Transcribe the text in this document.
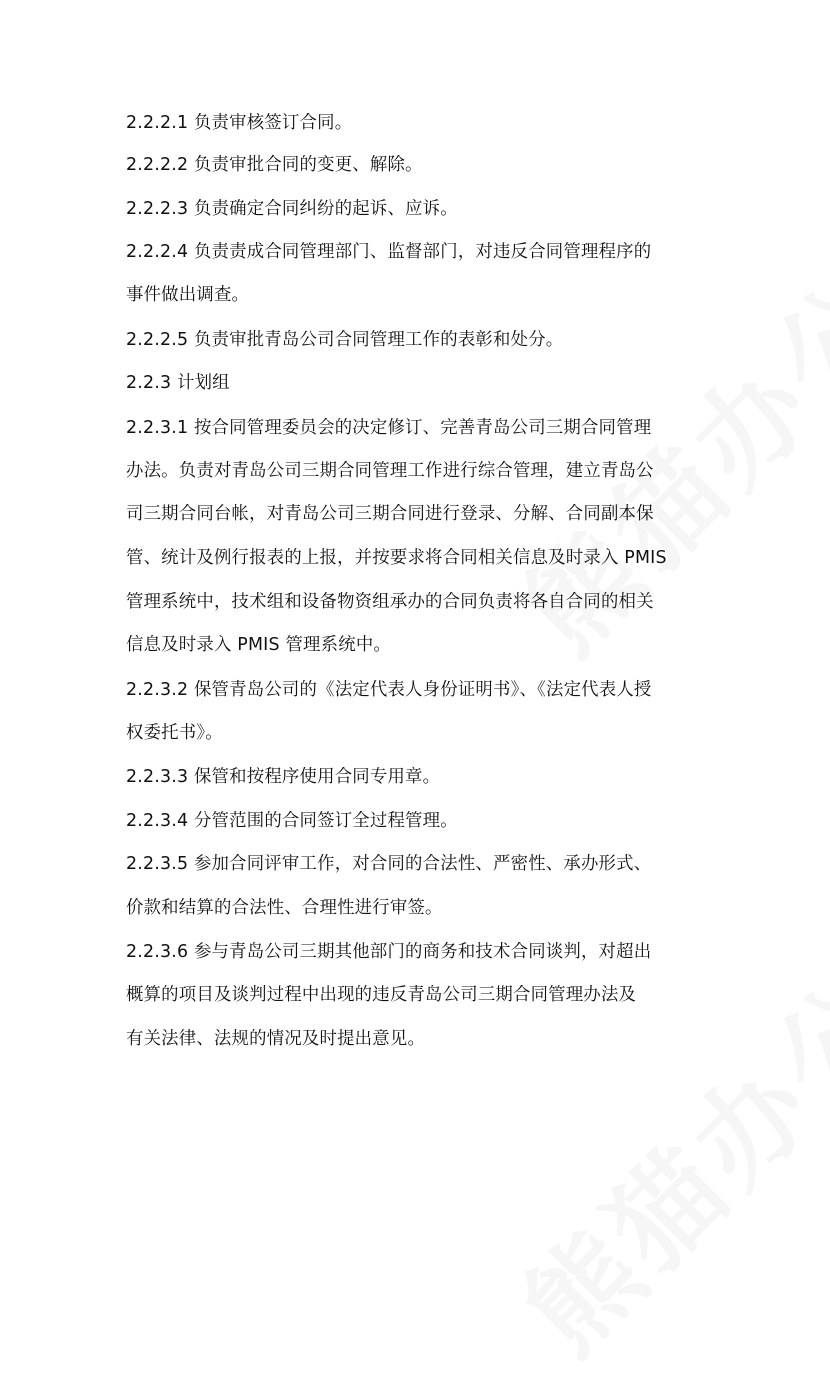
2.2.2.1 负责审核签订合同。
2.2.2.2 负责审批合同的变更、解除。
2.2.2.3 负责确定合同纠纷的起诉、应诉。
2.2.2.4 负责责成合同管理部门、监督部门，对违反合同管理程序的
事件做出调查。
2.2.2.5 负责审批青岛公司合同管理工作的表彰和处分。
2.2.3 计划组
2.2.3.1 按合同管理委员会的决定修订、完善青岛公司三期合同管理
办法。负责对青岛公司三期合同管理工作进行综合管理，建立青岛公
司三期合同台帐，对青岛公司三期合同进行登录、分解、合同副本保
管、统计及例行报表的上报，并按要求将合同相关信息及时录入 PMIS
管理系统中，技术组和设备物资组承办的合同负责将各自合同的相关
信息及时录入 PMIS 管理系统中。
2.2.3.2 保管青岛公司的《法定代表人身份证明书》、《法定代表人授
权委托书》。
2.2.3.3 保管和按程序使用合同专用章。
2.2.3.4 分管范围的合同签订全过程管理。
2.2.3.5 参加合同评审工作，对合同的合法性、严密性、承办形式、
价款和结算的合法性、合理性进行审签。
2.2.3.6 参与青岛公司三期其他部门的商务和技术合同谈判，对超出
概算的项目及谈判过程中出现的违反青岛公司三期合同管理办法及
有关法律、法规的情况及时提出意见。
